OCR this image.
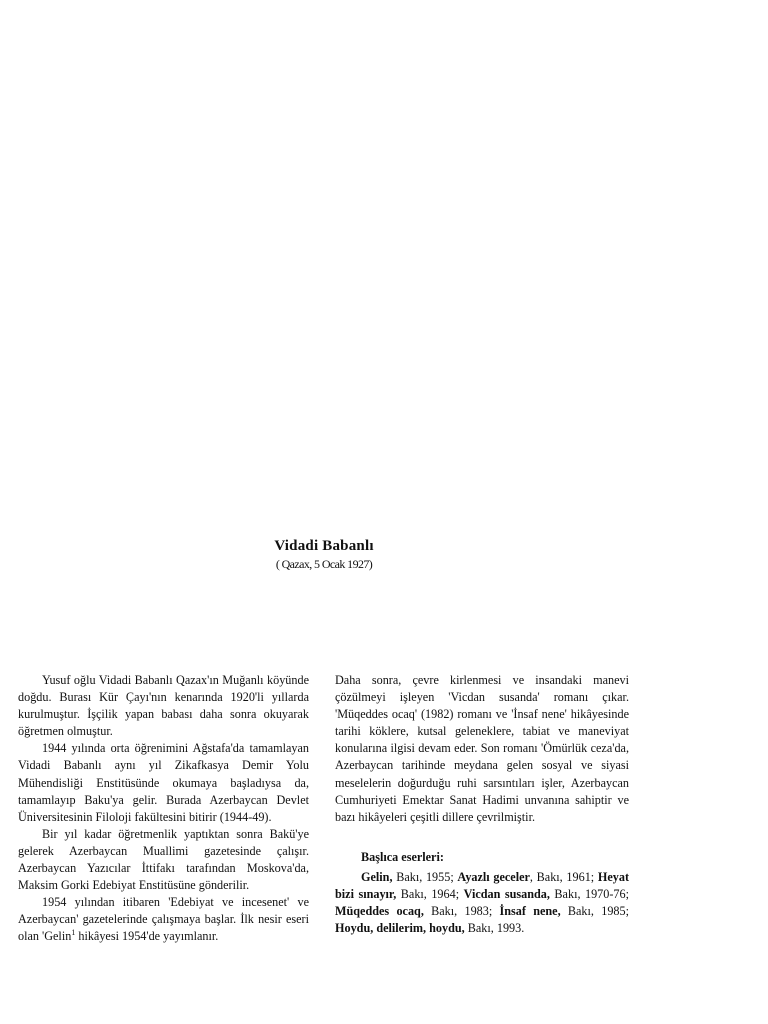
Vidadi Babanlı
( Qazax, 5 Ocak 1927)

Yusuf oğlu Vidadi Babanlı Qazax'ın Muğanlı köyünde doğdu. Burası Kür Çayı'nın kenarında 1920'li yıllarda kurulmuştur. İşçilik yapan babası daha sonra okuyarak öğretmen olmuştur.

1944 yılında orta öğrenimini Ağstafa'da tamamlayan Vidadi Babanlı aynı yıl Zikafkasya Demir Yolu Mühendisliği Enstitüsünde okumaya başladıysa da, tamamlayıp Baku'ya gelir. Burada Azerbaycan Devlet Üniversitesinin Filoloji fakültesini bitirir (1944-49).

Bir yıl kadar öğretmenlik yaptıktan sonra Bakü'ye gelerek Azerbaycan Muallimi gazetesinde çalışır. Azerbaycan Yazıcılar İttifakı tarafından Moskova'da, Maksim Gorki Edebiyat Enstitüsüne gönderilir.

1954 yılından itibaren 'Edebiyat ve incesenet' ve Azerbaycan' gazetelerinde çalışmaya başlar. İlk nesir eseri olan 'Gelin$^1$ hikâyesi 1954'de yayımlanır.

Daha sonra, çevre kirlenmesi ve insandaki manevi çözülmeyi işleyen 'Vicdan susanda' romanı çıkar. 'Müqeddes ocaq' (1982) romanı ve 'İnsaf nene' hikâyesinde tarihi köklere, kutsal geleneklere, tabiat ve maneviyat konularına ilgisi devam eder. Son romanı 'Ömürlük ceza'da, Azerbaycan tarihinde meydana gelen sosyal ve siyasi meselelerin doğurduğu ruhi sarsıntıları işler, Azerbaycan Cumhuriyeti Emektar Sanat Hadimi unvanına sahiptir ve bazı hikâyeleri çeşitli dillere çevrilmiştir.

Başlıca eserleri:

Gelin, Bakı, 1955; Ayazlı geceler, Bakı, 1961; Heyat bizi sınayır, Bakı, 1964; Vicdan susanda, Bakı, 1970-76; Müqeddes ocaq, Bakı, 1983; İnsaf nene, Bakı, 1985; Hoydu, delilerim, hoydu, Bakı, 1993.
